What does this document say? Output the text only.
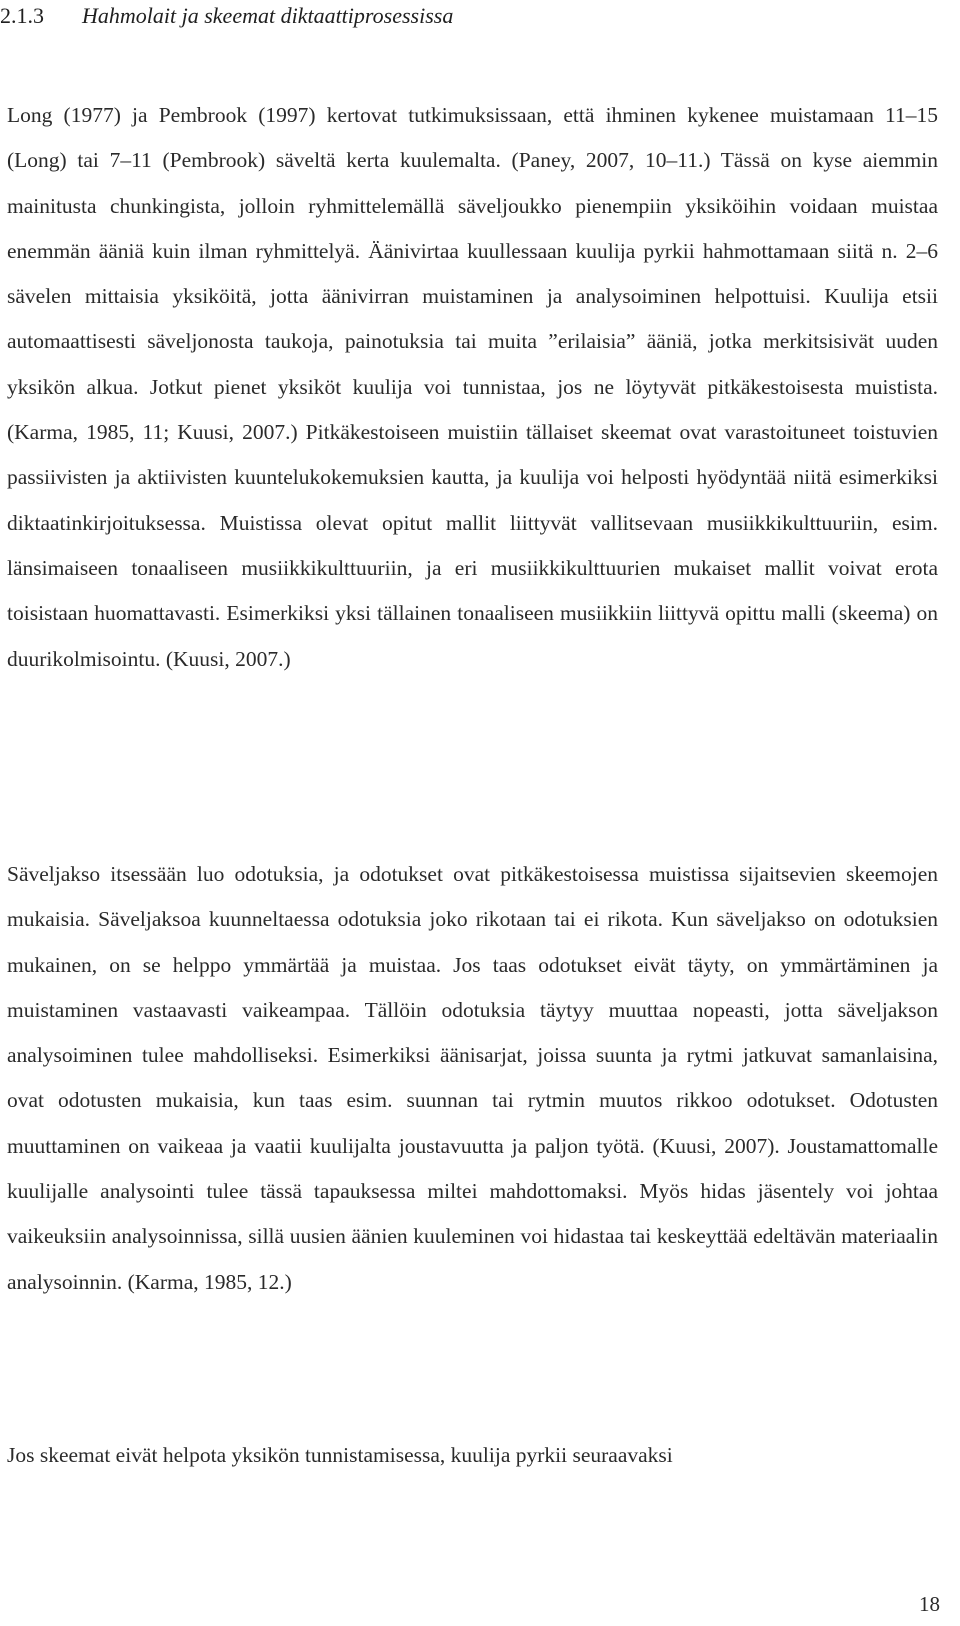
2.1.3 Hahmolait ja skeemat diktaattiprosessissa

Long (1977) ja Pembrook (1997) kertovat tutkimuksissaan, että ihminen kykenee muistamaan 11–15 (Long) tai 7–11 (Pembrook) säveltä kerta kuulemalta. (Paney, 2007, 10–11.) Tässä on kyse aiemmin mainitusta chunkingista, jolloin ryhmittelemällä säveljoukko pienempiin yksiköihin voidaan muistaa enemmän ääniä kuin ilman ryhmittelyä. Äänivirtaa kuullessaan kuulija pyrkii hahmottamaan siitä n. 2–6 sävelen mittaisia yksiköitä, jotta äänivirran muistaminen ja analysoiminen helpottuisi. Kuulija etsii automaattisesti säveljonosta taukoja, painotuksia tai muita ”erilaisia” ääniä, jotka merkitsisivät uuden yksikön alkua. Jotkut pienet yksiköt kuulija voi tunnistaa, jos ne löytyvät pitkäkestoisesta muistista. (Karma, 1985, 11; Kuusi, 2007.) Pitkäkestoiseen muistiin tällaiset skeemat ovat varastoituneet toistuvien passiivisten ja aktiivisten kuuntelukokemuksien kautta, ja kuulija voi helposti hyödyntää niitä esimerkiksi diktaatinkirjoituksessa. Muistissa olevat opitut mallit liittyvät vallitsevaan musiikkikulttuuriin, esim. länsimaiseen tonaaliseen musiikkikulttuuriin, ja eri musiikkikulttuurien mukaiset mallit voivat erota toisistaan huomattavasti. Esimerkiksi yksi tällainen tonaaliseen musiikkiin liittyvä opittu malli (skeema) on duurikolmisointu. (Kuusi, 2007.)

Säveljakso itsessään luo odotuksia, ja odotukset ovat pitkäkestoisessa muistissa sijaitsevien skeemojen mukaisia. Säveljaksoa kuunneltaessa odotuksia joko rikotaan tai ei rikota. Kun säveljakso on odotuksien mukainen, on se helppo ymmärtää ja muistaa. Jos taas odotukset eivät täyty, on ymmärtäminen ja muistaminen vastaavasti vaikeampaa. Tällöin odotuksia täytyy muuttaa nopeasti, jotta säveljakson analysoiminen tulee mahdolliseksi. Esimerkiksi äänisarjat, joissa suunta ja rytmi jatkuvat samanlaisina, ovat odotusten mukaisia, kun taas esim. suunnan tai rytmin muutos rikkoo odotukset. Odotusten muuttaminen on vaikeaa ja vaatii kuulijalta joustavuutta ja paljon työtä. (Kuusi, 2007). Joustamattomalle kuulijalle analysointi tulee tässä tapauksessa miltei mahdottomaksi. Myös hidas jäsentely voi johtaa vaikeuksiin analysoinnissa, sillä uusien äänien kuuleminen voi hidastaa tai keskeyttää edeltävän materiaalin analysoinnin. (Karma, 1985, 12.)

Jos skeemat eivät helpota yksikön tunnistamisessa, kuulija pyrkii seuraavaksi

18
